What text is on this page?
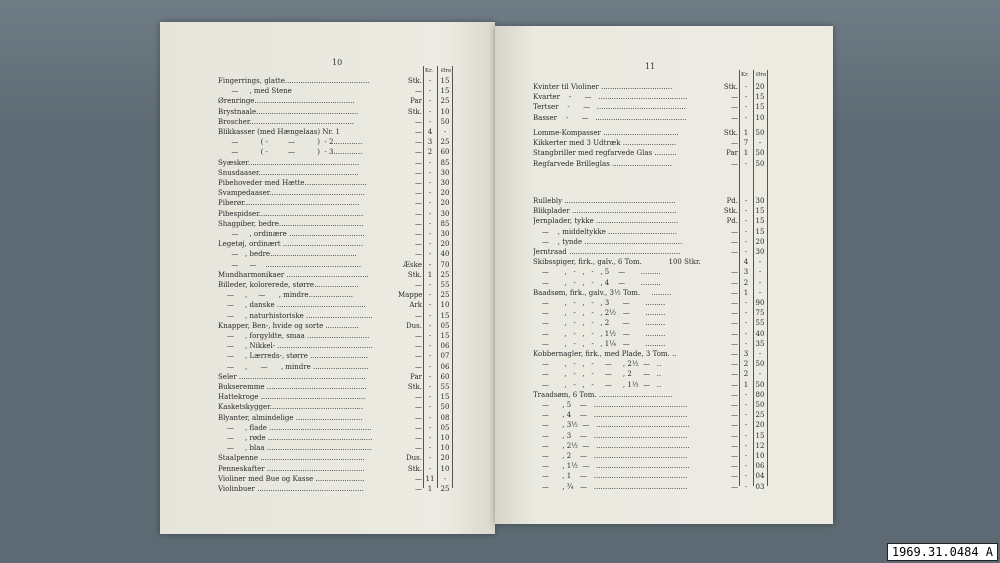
10
Kr. Øre
Fingerrings, glatte......................................	Stk. -	15
—     , med Stene	— -	15
Ørenringe.............................................	Par -	25
Brystnaale..............................................	Stk. -	10
Broscher...............................................	— -	50
Blikkasser (med Hængelaas) Nr. 1	— 4	-
—          ( -         —          )  - 2.............	— 3	25
—          ( -         —          )  - 3.............	— 2	60
Syæsker..................................................	— -	85
Snusdaaser.............................................	— -	30
Pibehoveder med Hætte............................	— -	30
Svampedaaser...........................................	— -	20
Piberør....................................................	— -	20
Pibespidser...............................................	— -	30
Shagpiber, bedre......................................	— -	85
—     , ordinære ..................................	— -	30
Legetøj, ordinært ....................................	— -	20
—   , bedre.......................................	— -	40
—     —    ...........................................	Æske -	70
Mundharmonikaer .....................................	Stk. 1	25
Billeder, kolorerede, større....................	— -	55
—     ,     —      , mindre....................	Mappe -	25
—     , danske ........................................	Ark -	10
—     , naturhistoriske ..............................	— -	15
Knapper, Ben-, hvide og sorte ...............	Dus. -	05
—     , forgyldte, smaa ............................	— -	15
—     , Nikkel- ...........................................	— -	06
—     , Lærreds-, større ..........................	— -	07
—     ,      —      , mindre .........................	— -	06
Seler .........................................................	Par -	60
Bukseremme .............................................	Stk. -	55
Hattekroge ...............................................	— -	15
Kasketskygger..........................................	— -	50
Blyanter, almindelige ..............................	— -	08
—     , flade ..............................................	— -	05
—     , røde ...............................................	— -	10
—     , blaa ...............................................	— -	10
Staalpenne ...............................................	Dus. -	20
Penneskafter ............................................	Stk. -	10
Violiner med Bue og Kasse ......................	— 11	-
Violinbuer ................................................	— 1	25
11
Kr. Øre
Kvinter til Violiner ................................	Stk. -	20
Kvarter    -      —   ........................................	— -	15
Tertser    -      —   ........................................	— -	15
Basser    -      —   .........................................	— -	10
Lomme-Kompasser ..................................	Stk. 1	50
Kikkerter med 3 Udtræk ........................	— 7	-
Stangbriller med regfarvede Glas ..........	Par 1	50
Regfarvede Brilleglas ...........................	— -	50
Rullebly ..................................................	Pd. -	30
Blikplader ...............................................	Stk. -	15
Jernplader, tykke .....................................	Pd. -	15
—    , middeltykke ...............................	— -	15
—    , tynde ............................................	— -	20
Jerntraad ..................................................	— -	30
Skibsspiger, firk., galv., 6 Tom.            100 Stkr.	4	-
—       ,   -   ,   -   , 5    —       .........	— 3	-
—       ,   -   ,   -   , 4    —       .........	— 2	-
Baadsøm, firk., galv., 3½ Tom.     .........	— 1	-
—       ,   -   ,   -   , 3      —       .........	— -	90
—       ,   -   ,   -   , 2½   —       .........	— -	75
—       ,   -   ,   -   , 2      —       .........	— -	55
—       ,   -   ,   -   , 1½   —       .........	— -	40
—       ,   -   ,   -   , 1¼   —       .........	— -	35
Kobbernagler, firk., med Plade, 3 Tom. ..	— 3	-
—       ,   -   ,   -     —     , 2½  —   ..	— 2	50
—       ,   -   ,   -     —     , 2     —   ..	— 2	-
—       ,   -   ,   -     —     , 1½  —   ..	— 1	50
Traadsøm, 6 Tom. .................................	— -	80
—      , 5    —   ..........................................	— -	50
—      , 4    —   ..........................................	— -	25
—      , 3½  —   ..........................................	— -	20
—      , 3    —   ..........................................	— -	15
—      , 2½  —   ..........................................	— -	12
—      , 2    —   ..........................................	— -	10
—      , 1½  —   ..........................................	— -	06
—      , 1    —   ..........................................	— -	04
—      , ¾   —   ..........................................	— -	03
1969.31.0484 A
